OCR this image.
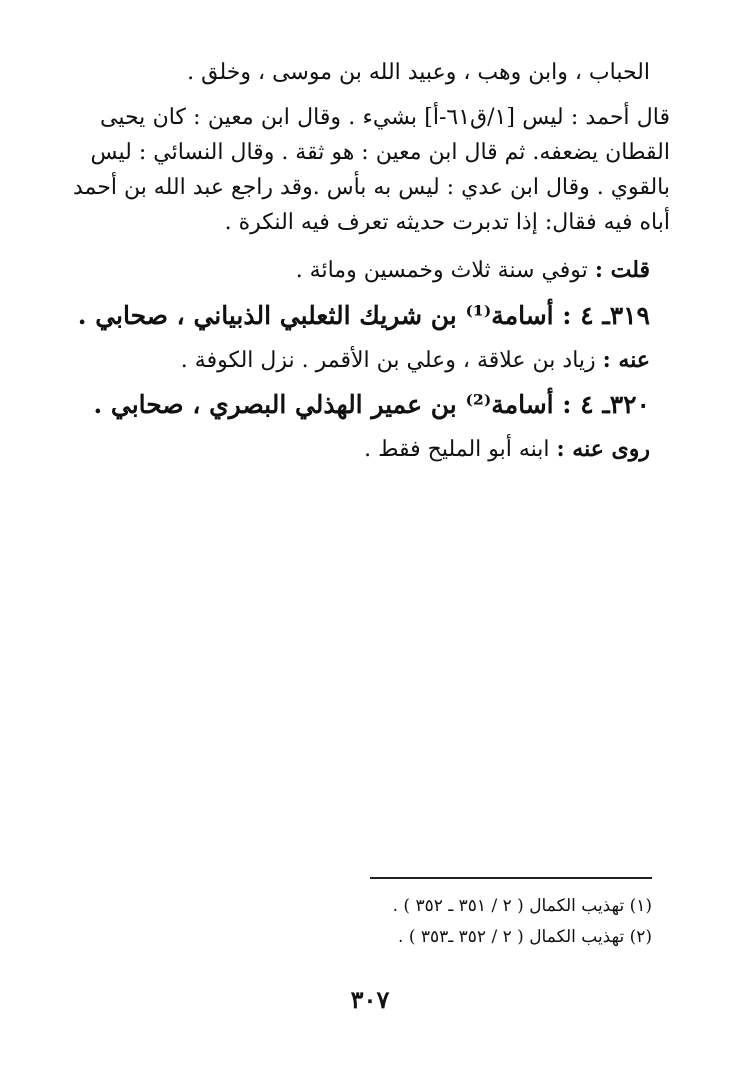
الحباب ، وابن وهب ، وعبيد الله بن موسى ، وخلق .
قال أحمد : ليس [١/ق٦١-أ] بشيء . وقال ابن معين : كان يحيى
القطان يضعفه. ثم قال ابن معين : هو ثقة . وقال النسائي : ليس
بالقوي . وقال ابن عدي : ليس به بأس .وقد راجع عبد الله بن أحمد
أباه فيه فقال: إذا تدبرت حديثه تعرف فيه النكرة .
قلت : توفي سنة ثلاث وخمسين ومائة .
٣١٩ـ ٤ : أسامة⁽¹⁾ بن شريك الثعلبي الذبياني ، صحابي .
عنه : زياد بن علاقة ، وعلي بن الأقمر . نزل الكوفة .
٣٢٠ـ ٤ : أسامة⁽²⁾ بن عمير الهذلي البصري ، صحابي .
روى عنه : ابنه أبو المليح فقط .
(١) تهذيب الكمال ( ٢ / ٣٥١ ـ ٣٥٢ ) .
(٢) تهذيب الكمال ( ٢ / ٣٥٢ ـ٣٥٣ ) .
٣٠٧
